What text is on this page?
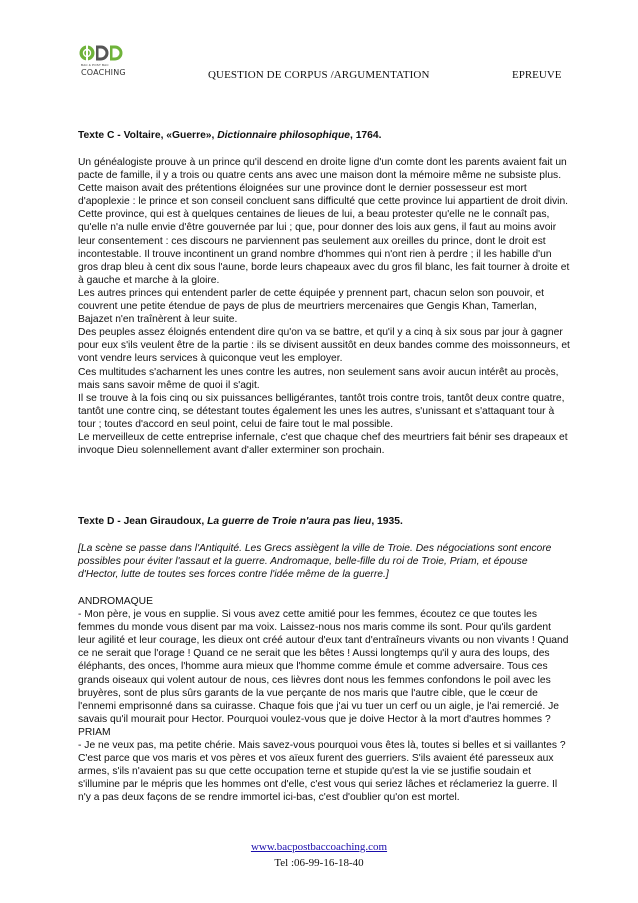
BAC & POST BAC
COACHING	QUESTION DE CORPUS /ARGUMENTATION	EPREUVE
Texte C - Voltaire, «Guerre», Dictionnaire philosophique, 1764.

Un généalogiste prouve à un prince qu'il descend en droite ligne d'un comte dont les parents avaient fait un pacte de famille, il y a trois ou quatre cents ans avec une maison dont la mémoire même ne subsiste plus. Cette maison avait des prétentions éloignées sur une province dont le dernier possesseur est mort d'apoplexie : le prince et son conseil concluent sans difficulté que cette province lui appartient de droit divin. Cette province, qui est à quelques centaines de lieues de lui, a beau protester qu'elle ne le connaît pas, qu'elle n'a nulle envie d'être gouvernée par lui ; que, pour donner des lois aux gens, il faut au moins avoir leur consentement : ces discours ne parviennent pas seulement aux oreilles du prince, dont le droit est incontestable. Il trouve incontinent un grand nombre d'hommes qui n'ont rien à perdre ; il les habille d'un gros drap bleu à cent dix sous l'aune, borde leurs chapeaux avec du gros fil blanc, les fait tourner à droite et à gauche et marche à la gloire.

Les autres princes qui entendent parler de cette équipée y prennent part, chacun selon son pouvoir, et couvrent une petite étendue de pays de plus de meurtriers mercenaires que Gengis Khan, Tamerlan, Bajazet n'en traînèrent à leur suite.

Des peuples assez éloignés entendent dire qu'on va se battre, et qu'il y a cinq à six sous par jour à gagner pour eux s'ils veulent être de la partie : ils se divisent aussitôt en deux bandes comme des moissonneurs, et vont vendre leurs services à quiconque veut les employer.

Ces multitudes s'acharnent les unes contre les autres, non seulement sans avoir aucun intérêt au procès, mais sans savoir même de quoi il s'agit.

Il se trouve à la fois cinq ou six puissances belligérantes, tantôt trois contre trois, tantôt deux contre quatre, tantôt une contre cinq, se détestant toutes également les unes les autres, s'unissant et s'attaquant tour à tour ; toutes d'accord en seul point, celui de faire tout le mal possible.

Le merveilleux de cette entreprise infernale, c'est que chaque chef des meurtriers fait bénir ses drapeaux et invoque Dieu solennellement avant d'aller exterminer son prochain.

Texte D - Jean Giraudoux, La guerre de Troie n'aura pas lieu, 1935.

[La scène se passe dans l'Antiquité. Les Grecs assiègent la ville de Troie. Des négociations sont encore possibles pour éviter l'assaut et la guerre. Andromaque, belle-fille du roi de Troie, Priam, et épouse d'Hector, lutte de toutes ses forces contre l'idée même de la guerre.]

ANDROMAQUE

- Mon père, je vous en supplie. Si vous avez cette amitié pour les femmes, écoutez ce que toutes les femmes du monde vous disent par ma voix. Laissez-nous nos maris comme ils sont. Pour qu'ils gardent leur agilité et leur courage, les dieux ont créé autour d'eux tant d'entraîneurs vivants ou non vivants ! Quand ce ne serait que l'orage ! Quand ce ne serait que les bêtes ! Aussi longtemps qu'il y aura des loups, des éléphants, des onces, l'homme aura mieux que l'homme comme émule et comme adversaire. Tous ces grands oiseaux qui volent autour de nous, ces lièvres dont nous les femmes confondons le poil avec les bruyères, sont de plus sûrs garants de la vue perçante de nos maris que l'autre cible, que le cœur de l'ennemi emprisonné dans sa cuirasse. Chaque fois que j'ai vu tuer un cerf ou un aigle, je l'ai remercié. Je savais qu'il mourait pour Hector. Pourquoi voulez-vous que je doive Hector à la mort d'autres hommes ?

PRIAM

- Je ne veux pas, ma petite chérie. Mais savez-vous pourquoi vous êtes là, toutes si belles et si vaillantes ? C'est parce que vos maris et vos pères et vos aïeux furent des guerriers. S'ils avaient été paresseux aux armes, s'ils n'avaient pas su que cette occupation terne et stupide qu'est la vie se justifie soudain et s'illumine par le mépris que les hommes ont d'elle, c'est vous qui seriez lâches et réclameriez la guerre. Il n'y a pas deux façons de se rendre immortel ici-bas, c'est d'oublier qu'on est mortel.

www.bacpostbaccoaching.com
Tel :06-99-16-18-40
